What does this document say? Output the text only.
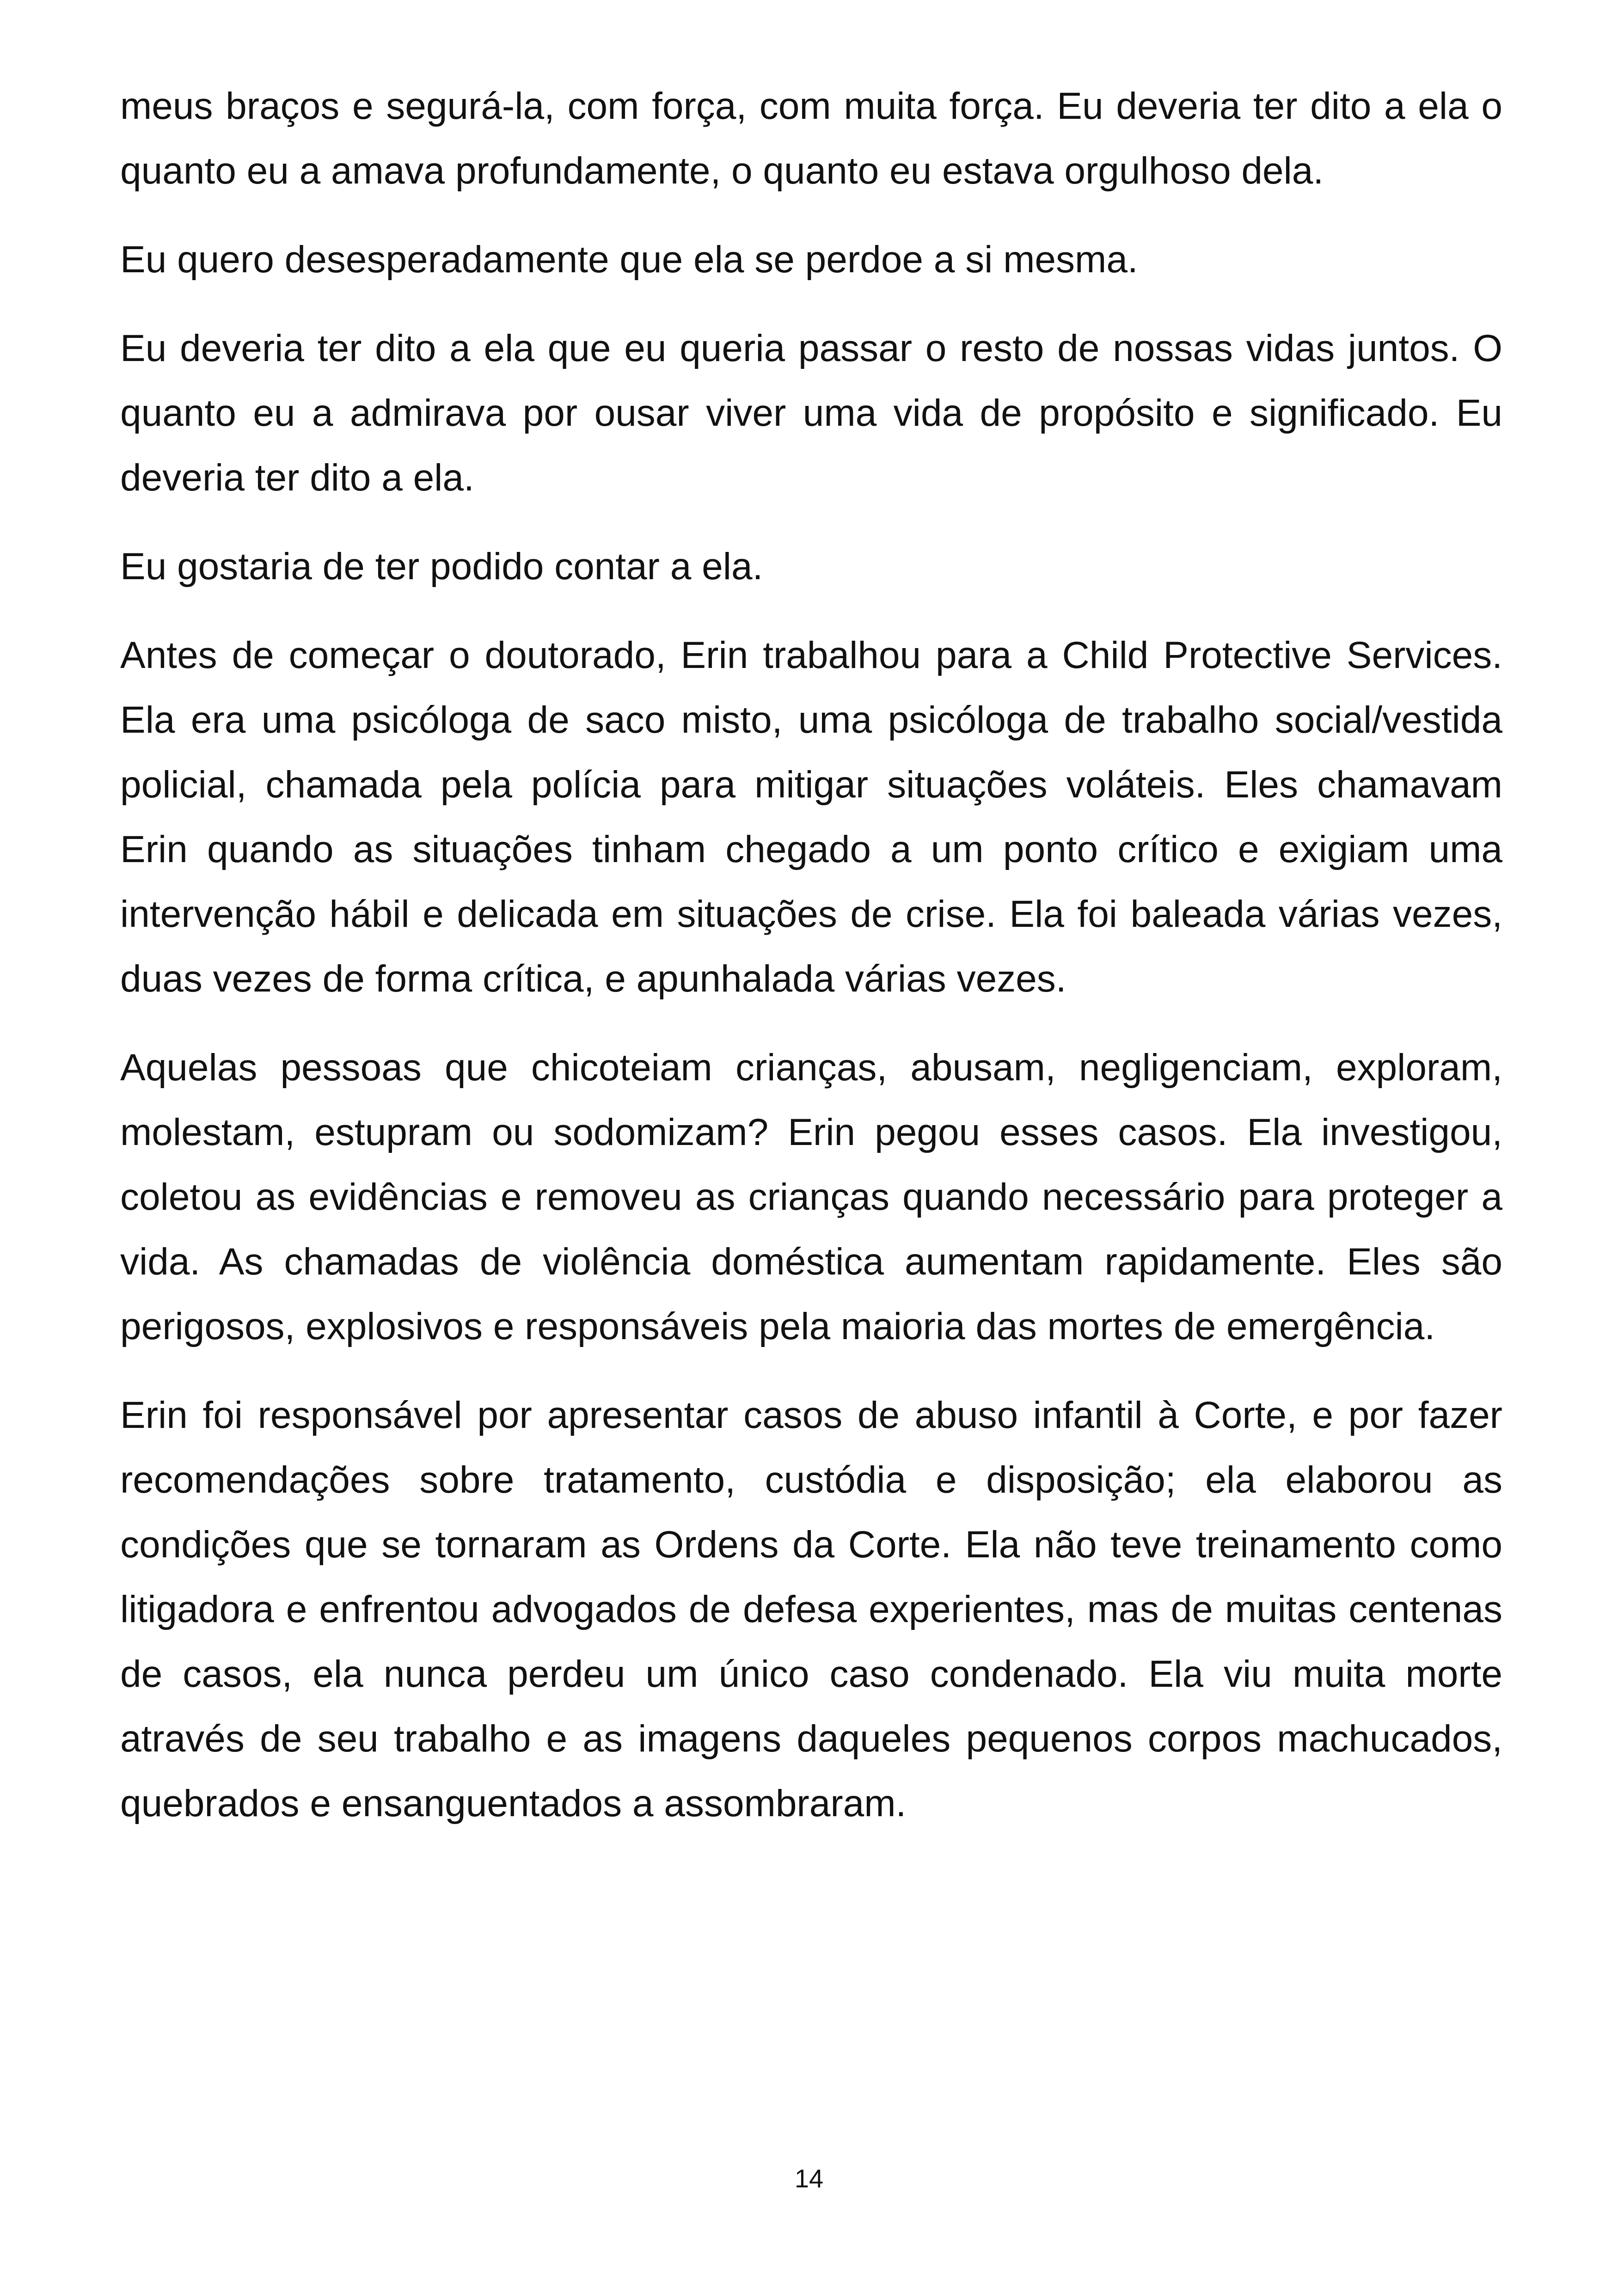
meus braços e segurá-la, com força, com muita força. Eu deveria ter dito a ela o quanto eu a amava profundamente, o quanto eu estava orgulhoso dela.

Eu quero desesperadamente que ela se perdoe a si mesma.

Eu deveria ter dito a ela que eu queria passar o resto de nossas vidas juntos. O quanto eu a admirava por ousar viver uma vida de propósito e significado. Eu deveria ter dito a ela.

Eu gostaria de ter podido contar a ela.

Antes de começar o doutorado, Erin trabalhou para a Child Protective Services. Ela era uma psicóloga de saco misto, uma psicóloga de trabalho social/vestida policial, chamada pela polícia para mitigar situações voláteis. Eles chamavam Erin quando as situações tinham chegado a um ponto crítico e exigiam uma intervenção hábil e delicada em situações de crise. Ela foi baleada várias vezes, duas vezes de forma crítica, e apunhalada várias vezes.

Aquelas pessoas que chicoteiam crianças, abusam, negligenciam, exploram, molestam, estupram ou sodomizam? Erin pegou esses casos. Ela investigou, coletou as evidências e removeu as crianças quando necessário para proteger a vida. As chamadas de violência doméstica aumentam rapidamente. Eles são perigosos, explosivos e responsáveis pela maioria das mortes de emergência.

Erin foi responsável por apresentar casos de abuso infantil à Corte, e por fazer recomendações sobre tratamento, custódia e disposição; ela elaborou as condições que se tornaram as Ordens da Corte. Ela não teve treinamento como litigadora e enfrentou advogados de defesa experientes, mas de muitas centenas de casos, ela nunca perdeu um único caso condenado. Ela viu muita morte através de seu trabalho e as imagens daqueles pequenos corpos machucados, quebrados e ensanguentados a assombraram.

14
